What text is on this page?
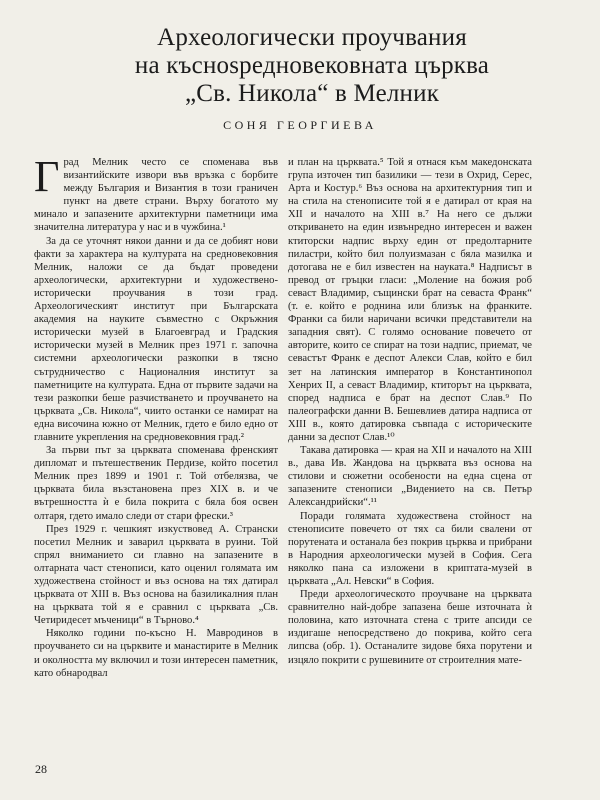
Археологически проучвания
на къснosредновековната църква
„Св. Никола“ в Мелник
СОНЯ ГЕОРГИЕВА

Град Мелник често се споменава във византийските извори във връзка с борбите между България и Византия в този граничен пункт на двете страни. Върху богатото му минало и запазените архитектурни паметници има значителна литература у нас и в чужбина.¹

За да се уточнят някои данни и да се добият нови факти за характера на културата на средновековния Мелник, наложи се да бъдат проведени археологически, архитектурни и художествено-исторически проучвания в този град. Археологическият институт при Българската академия на науките съвместно с Окръжния исторически музей в Благоевград и Градския исторически музей в Мелник през 1971 г. започна системни археологически разкопки в тясно сътрудничество с Националния институт за паметниците на културата. Една от първите задачи на тези разкопки беше разчистването и проучването на църквата „Св. Никола“, чиито останки се намират на една височина южно от Мелник, гдето е било едно от главните укрепления на средновековния град.²

За първи път за църквата споменава френският дипломат и пътешественик Пердизе, който посетил Мелник през 1899 и 1901 г. Той отбелязва, че църквата била възстановена през XIX в. и че вътрешността ѝ е била покрита с бяла боя освен олтаря, гдето имало следи от стари фрески.³

През 1929 г. чешкият изкуствовед А. Странски посетил Мелник и заварил църквата в руини. Той спрял вниманието си главно на запазените в олтарната част стенописи, като оценил голямата им художествена стойност и въз основа на тях датирал църквата от XIII в. Въз основа на базиликалния план на църквата той я е сравнил с църквата „Св. Четиридесет мъченици“ в Търново.⁴

Няколко години по-късно Н. Мавродинов в проучването си на църквите и манастирите в Мелник и околността му включил и този интересен паметник, като обнародвал

и план на църквата.⁵ Той я отнася към македонската група източен тип базилики — тези в Охрид, Серес, Арта и Костур.⁶ Въз основа на архитектурния тип и на стила на стенописите той я е датирал от края на XII и началото на XIII в.⁷ На него се дължи откриването на един извънредно интересен и важен ктиторски надпис върху един от предолтарните пиластри, който бил полуизмазан с бяла мазилка и дотогава не е бил известен на науката.⁸ Надписът в превод от гръцки гласи: „Моление на божия роб севаст Владимир, същински брат на севаста Франк“ (т. е. който е роднина или близък на франките. Франки са били наричани всички представители на западния свят). С голямо основание повечето от авторите, които се спират на този надпис, приемат, че севастът Франк е деспот Алекси Слав, който е бил зет на латинския император в Константинопол Хенрих II, а севаст Владимир, ктиторът на църквата, според надписа е брат на деспот Слав.⁹ По палеографски данни В. Бешевлиев датира надписа от XIII в., която датировка съвпада с историческите данни за деспот Слав.¹⁰

Такава датировка — края на XII и началото на XIII в., дава Ив. Жандова на църквата въз основа на стилови и сюжетни особености на една сцена от запазените стенописи „Видението на св. Петър Александрийски“.¹¹

Поради голямата художествена стойност на стенописите повечето от тях са били свалени от порутената и останала без покрив църква и прибрани в Народния археологически музей в София. Сега няколко пана са изложени в криптата-музей в църквата „Ал. Невски“ в София.

Преди археологическото проучване на църквата сравнително най-добре запазена беше източната ѝ половина, като източната стена с трите апсиди се издигаше непосредствено до покрива, който сега липсва (обр. 1). Останалите зидове бяха порутени и изцяло покрити с рушевините от строителния мате-

28
